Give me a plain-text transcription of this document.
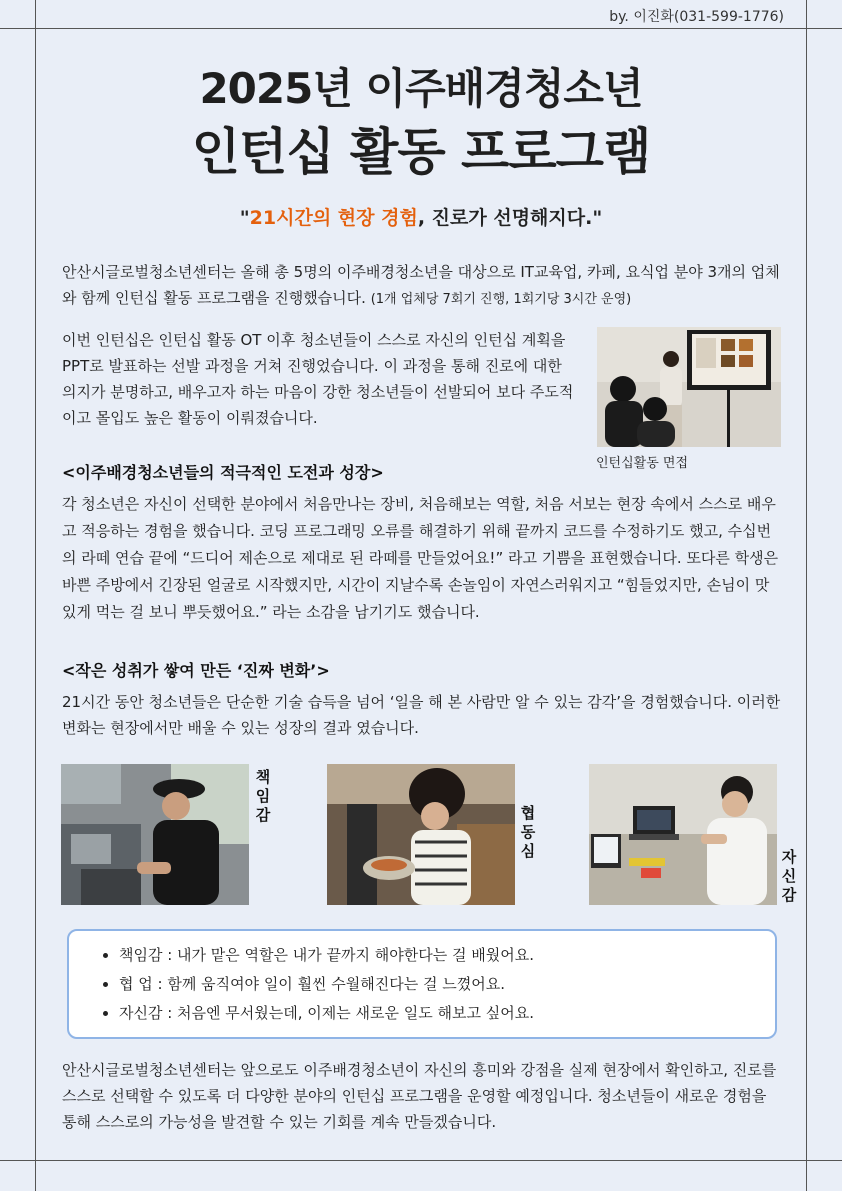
by. 이진화(031-599-1776)
2025년 이주배경청소년
인턴십 활동 프로그램
"21시간의 현장 경험, 진로가 선명해지다."
안산시글로벌청소년센터는 올해 총 5명의 이주배경청소년을 대상으로 IT교육업, 카페, 요식업 분야 3개의 업체와 함께 인턴십 활동 프로그램을 진행했습니다. (1개 업체당 7회기 진행, 1회기당 3시간 운영)
이번 인턴십은 인턴십 활동 OT 이후 청소년들이 스스로 자신의 인턴십 계획을 PPT로 발표하는 선발 과정을 거쳐 진행었습니다. 이 과정을 통해 진로에 대한 의지가 분명하고, 배우고자 하는 마음이 강한 청소년들이 선발되어 보다 주도적이고 몰입도 높은 활동이 이뤄졌습니다.
인턴십활동 면접
<이주배경청소년들의 적극적인 도전과 성장>
각 청소년은 자신이 선택한 분야에서 처음만나는 장비, 처음해보는 역할, 처음 서보는 현장 속에서 스스로 배우고 적응하는 경험을 했습니다. 코딩 프로그래밍 오류를 해결하기 위해 끝까지 코드를 수정하기도 했고, 수십번의 라떼 연습 끝에 “드디어 제손으로 제대로 된 라떼를 만들었어요!” 라고 기쁨을 표현했습니다. 또다른 학생은 바쁜 주방에서 긴장된 얼굴로 시작했지만, 시간이 지날수록 손놀임이 자연스러워지고 “힘들었지만, 손님이 맛있게 먹는 걸 보니 뿌듯했어요.” 라는 소감을 남기기도 했습니다.
<작은 성취가 쌓여 만든 ‘진짜 변화’>
21시간 동안 청소년들은 단순한 기술 습득을 넘어 ‘일을 해 본 사람만 알 수 있는 감각’을 경험했습니다. 이러한 변화는 현장에서만 배울 수 있는 성장의 결과 였습니다.
책임감	협동심	자신감
• 책임감 : 내가 맡은 역할은 내가 끝까지 해야한다는 걸 배웠어요.
• 협 업 : 함께 움직여야 일이 훨씬 수월해진다는 걸 느꼈어요.
• 자신감 : 처음엔 무서웠는데, 이제는 새로운 일도 해보고 싶어요.
안산시글로벌청소년센터는 앞으로도 이주배경청소년이 자신의 흥미와 강점을 실제 현장에서 확인하고, 진로를 스스로 선택할 수 있도록 더 다양한 분야의 인턴십 프로그램을 운영할 예정입니다. 청소년들이 새로운 경험을 통해 스스로의 가능성을 발견할 수 있는 기회를 계속 만들겠습니다.
